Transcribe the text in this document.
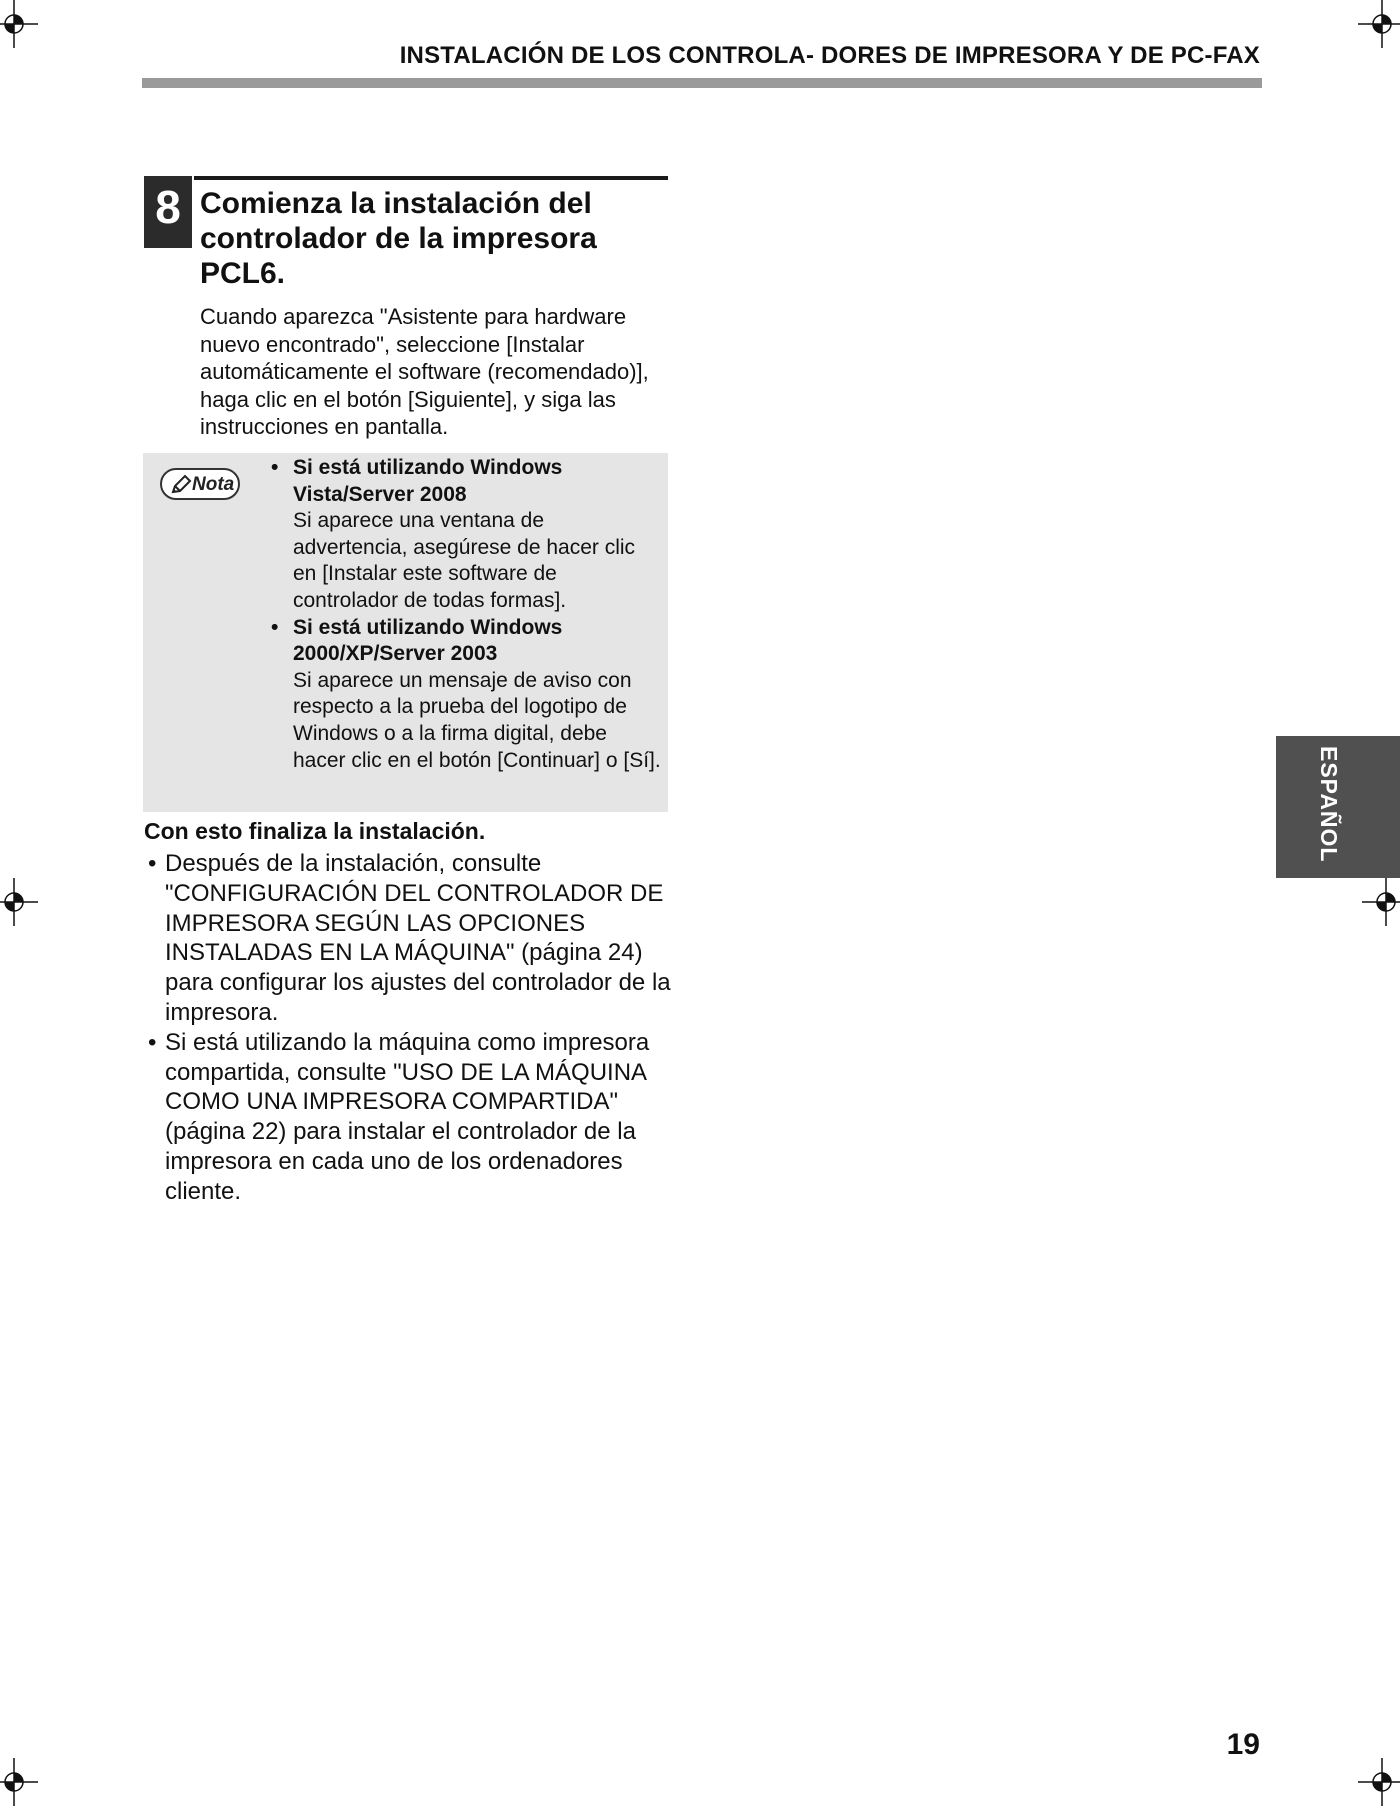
INSTALACIÓN DE LOS CONTROLA- DORES DE IMPRESORA Y DE PC-FAX
8 Comienza la instalación del controlador de la impresora PCL6.

Cuando aparezca "Asistente para hardware nuevo encontrado", seleccione [Instalar automáticamente el software (recomendado)], haga clic en el botón [Siguiente], y siga las instrucciones en pantalla.

Nota
• Si está utilizando Windows Vista/Server 2008
Si aparece una ventana de advertencia, asegúrese de hacer clic en [Instalar este software de controlador de todas formas].
• Si está utilizando Windows 2000/XP/Server 2003
Si aparece un mensaje de aviso con respecto a la prueba del logotipo de Windows o a la firma digital, debe hacer clic en el botón [Continuar] o [Sí].
Con esto finaliza la instalación.
• Después de la instalación, consulte "CONFIGURACIÓN DEL CONTROLADOR DE IMPRESORA SEGÚN LAS OPCIONES INSTALADAS EN LA MÁQUINA" (página 24) para configurar los ajustes del controlador de la impresora.
• Si está utilizando la máquina como impresora compartida, consulte "USO DE LA MÁQUINA COMO UNA IMPRESORA COMPARTIDA" (página 22) para instalar el controlador de la impresora en cada uno de los ordenadores cliente.
ESPAÑOL
19
